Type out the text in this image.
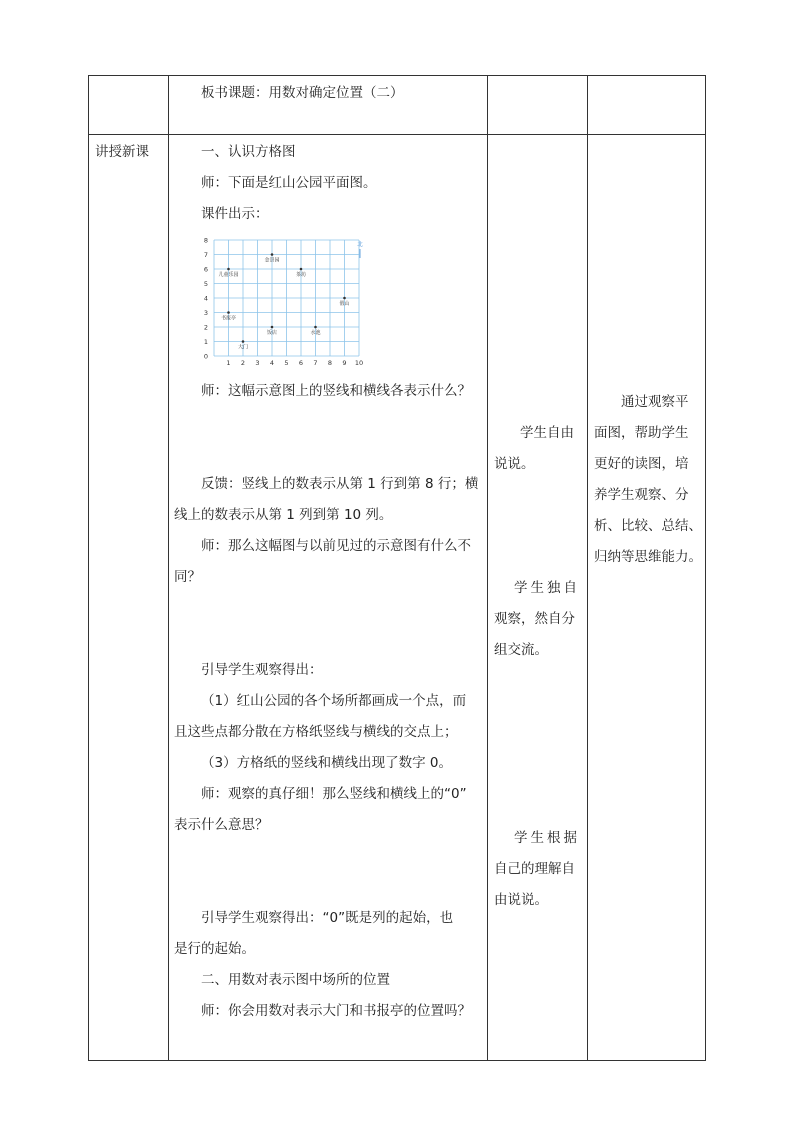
板书课题：用数对确定位置（二）
讲授新课	一、认识方格图
师：下面是红山公园平面图。
课件出示：
0
1
2
3
4
5
6
7
8
1 2 3 4 5 6 7 8 9 10
儿童乐园
金景园
茶坊
假山
书报亭
饭店	水池
大门
北
师：这幅示意图上的竖线和横线各表示什么？
反馈：竖线上的数表示从第 1 行到第 8 行；横
线上的数表示从第 1 列到第 10 列。
师：那么这幅图与以前见过的示意图有什么不
同？
引导学生观察得出：
（1）红山公园的各个场所都画成一个点，而
且这些点都分散在方格纸竖线与横线的交点上；
（3）方格纸的竖线和横线出现了数字 0。
师：观察的真仔细！那么竖线和横线上的“0”
表示什么意思？
引导学生观察得出：“0”既是列的起始，也
是行的起始。
二、用数对表示图中场所的位置
师：你会用数对表示大门和书报亭的位置吗？
学生自由
说说。
学生独自
观察，然自分
组交流。
学生根据
自己的理解自
由说说。
通过观察平
面图，帮助学生
更好的读图，培
养学生观察、分
析、比较、总结、
归纳等思维能力。
